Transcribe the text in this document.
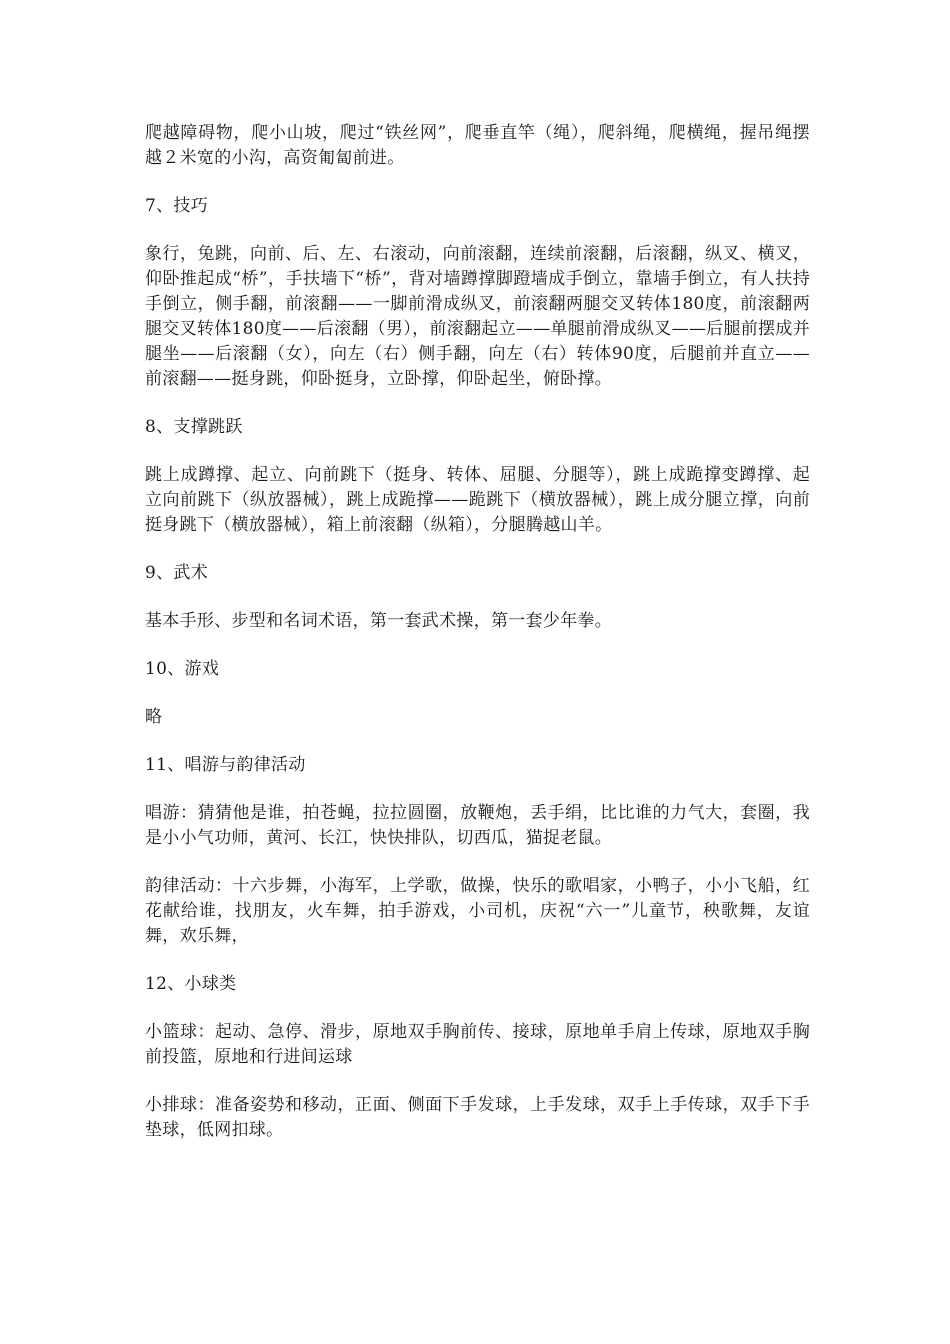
爬越障碍物，爬小山坡，爬过“铁丝网”，爬垂直竿（绳），爬斜绳，爬横绳，握吊绳摆越２米宽的小沟，高资匍匐前进。

7、技巧

象行，兔跳，向前、后、左、右滚动，向前滚翻，连续前滚翻，后滚翻，纵叉、横叉，仰卧推起成“桥”，手扶墙下“桥”，背对墙蹲撑脚蹬墙成手倒立，靠墙手倒立，有人扶持手倒立，侧手翻，前滚翻——一脚前滑成纵叉，前滚翻两腿交叉转体180度，前滚翻两腿交叉转体180度——后滚翻（男），前滚翻起立——单腿前滑成纵叉——后腿前摆成并腿坐——后滚翻（女），向左（右）侧手翻，向左（右）转体90度，后腿前并直立——前滚翻——挺身跳，仰卧挺身，立卧撑，仰卧起坐，俯卧撑。

8、支撑跳跃

跳上成蹲撑、起立、向前跳下（挺身、转体、屈腿、分腿等），跳上成跪撑变蹲撑、起立向前跳下（纵放器械），跳上成跪撑——跪跳下（横放器械），跳上成分腿立撑，向前挺身跳下（横放器械），箱上前滚翻（纵箱），分腿腾越山羊。

9、武术

基本手形、步型和名词术语，第一套武术操，第一套少年拳。

10、游戏

略

11、唱游与韵律活动

唱游：猜猜他是谁，拍苍蝇，拉拉圆圈，放鞭炮，丢手绢，比比谁的力气大，套圈，我是小小气功师，黄河、长江，快快排队，切西瓜，猫捉老鼠。

韵律活动：十六步舞，小海军，上学歌，做操，快乐的歌唱家，小鸭子，小小飞船，红花献给谁，找朋友，火车舞，拍手游戏，小司机，庆祝“六一”儿童节，秧歌舞，友谊舞，欢乐舞，

12、小球类

小篮球：起动、急停、滑步，原地双手胸前传、接球，原地单手肩上传球，原地双手胸前投篮，原地和行进间运球

小排球：准备姿势和移动，正面、侧面下手发球，上手发球，双手上手传球，双手下手垫球，低网扣球。
